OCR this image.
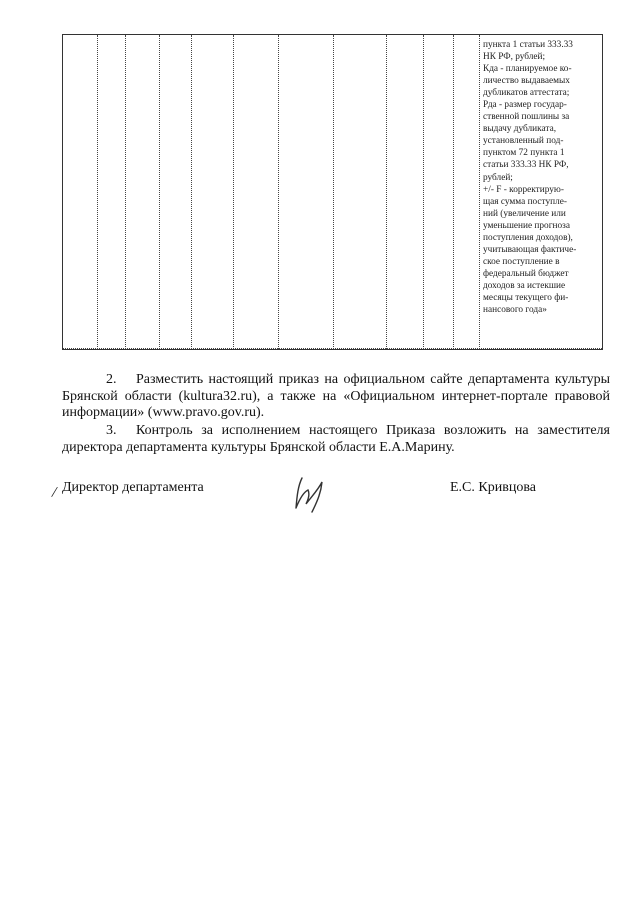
пункта 1 статьи 333.33
НК РФ, рублей;
Кда - планируемое ко-
личество выдаваемых
дубликатов аттестата;
Рда - размер государ-
ственной пошлины за
выдачу дубликата,
установленный под-
пунктом 72 пункта 1
статьи 333.33 НК РФ,
рублей;
+/- F - корректирую-
щая сумма поступле-
ний (увеличение или
уменьшение прогноза
поступления доходов),
учитывающая фактиче-
ское поступление в
федеральный бюджет
доходов за истекшие
месяцы текущего фи-
нансового года»
2. Разместить настоящий приказ на официальном сайте департамента культуры Брянской области (kultura32.ru), а также на «Официальном интернет-портале правовой информации» (www.pravo.gov.ru).
3. Контроль за исполнением настоящего Приказа возложить на заместителя директора департамента культуры Брянской области Е.А.Марину.
/ Директор департамента	Е.С. Кривцова
